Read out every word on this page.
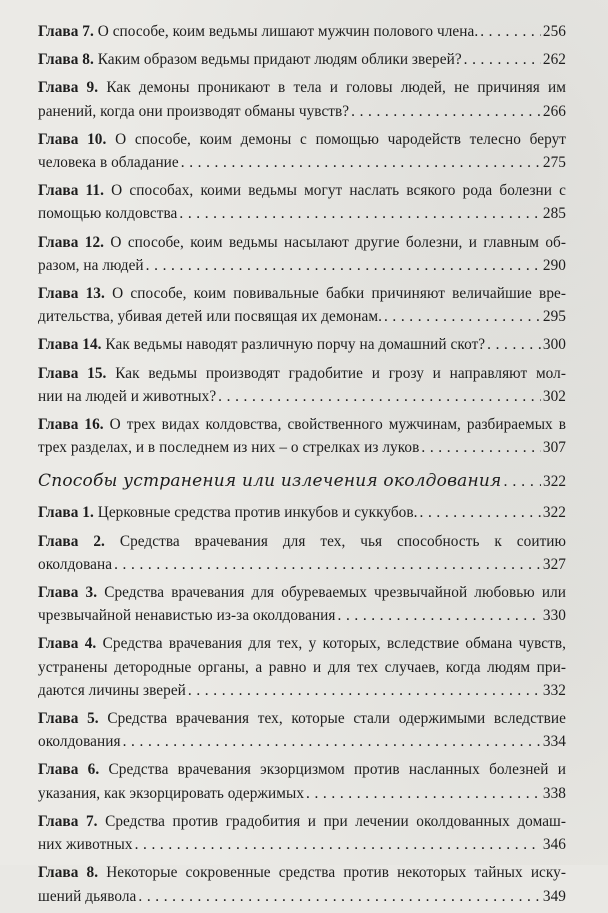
Глава 7. О способе, коим ведьмы лишают мужчин полового члена. . . .	256
Глава 8. Каким образом ведьмы придают людям облики зверей? . . .	262
Глава 9. Как демоны проникают в тела и головы людей, не причиняя им
ранений, когда они производят обманы чувств? . . .	266
Глава 10. О способе, коим демоны с помощью чародейств телесно берут
человека в обладание . . .	275
Глава 11. О способах, коими ведьмы могут наслать всякого рода болезни с
помощью колдовства . . .	285
Глава 12. О способе, коим ведьмы насылают другие болезни, и главным об-
разом, на людей . . .	290
Глава 13. О способе, коим повивальные бабки причиняют величайшие вре-
дительства, убивая детей или посвящая их демонам. . . .	295
Глава 14. Как ведьмы наводят различную порчу на домашний скот? . . .	300
Глава 15. Как ведьмы производят градобитие и грозу и направляют мол-
нии на людей и животных? . . .	302
Глава 16. О трех видах колдовства, свойственного мужчинам, разбираемых в
трех разделах, и в последнем из них – о стрелках из луков . . .	307
Способы устранения или излечения околдования . . .	322
Глава 1. Церковные средства против инкубов и суккубов. . . .	322
Глава 2. Средства врачевания для тех, чья способность к соитию
околдована . . .	327
Глава 3. Средства врачевания для обуреваемых чрезвычайной любовью или
чрезвычайной ненавистью из-за околдования . . .	330
Глава 4. Средства врачевания для тех, у которых, вследствие обмана чувств, устранены детородные органы, а равно и для тех случаев, когда людям при-
даются личины зверей . . .	332
Глава 5. Средства врачевания тех, которые стали одержимыми вследствие
околдования . . .	334
Глава 6. Средства врачевания экзорцизмом против насланных болезней и
указания, как экзорцировать одержимых . . .	338
Глава 7. Средства против градобития и при лечении околдованных домаш-
них животных . . .	346
Глава 8. Некоторые сокровенные средства против некоторых тайных иску-
шений дьявола . . .	349
